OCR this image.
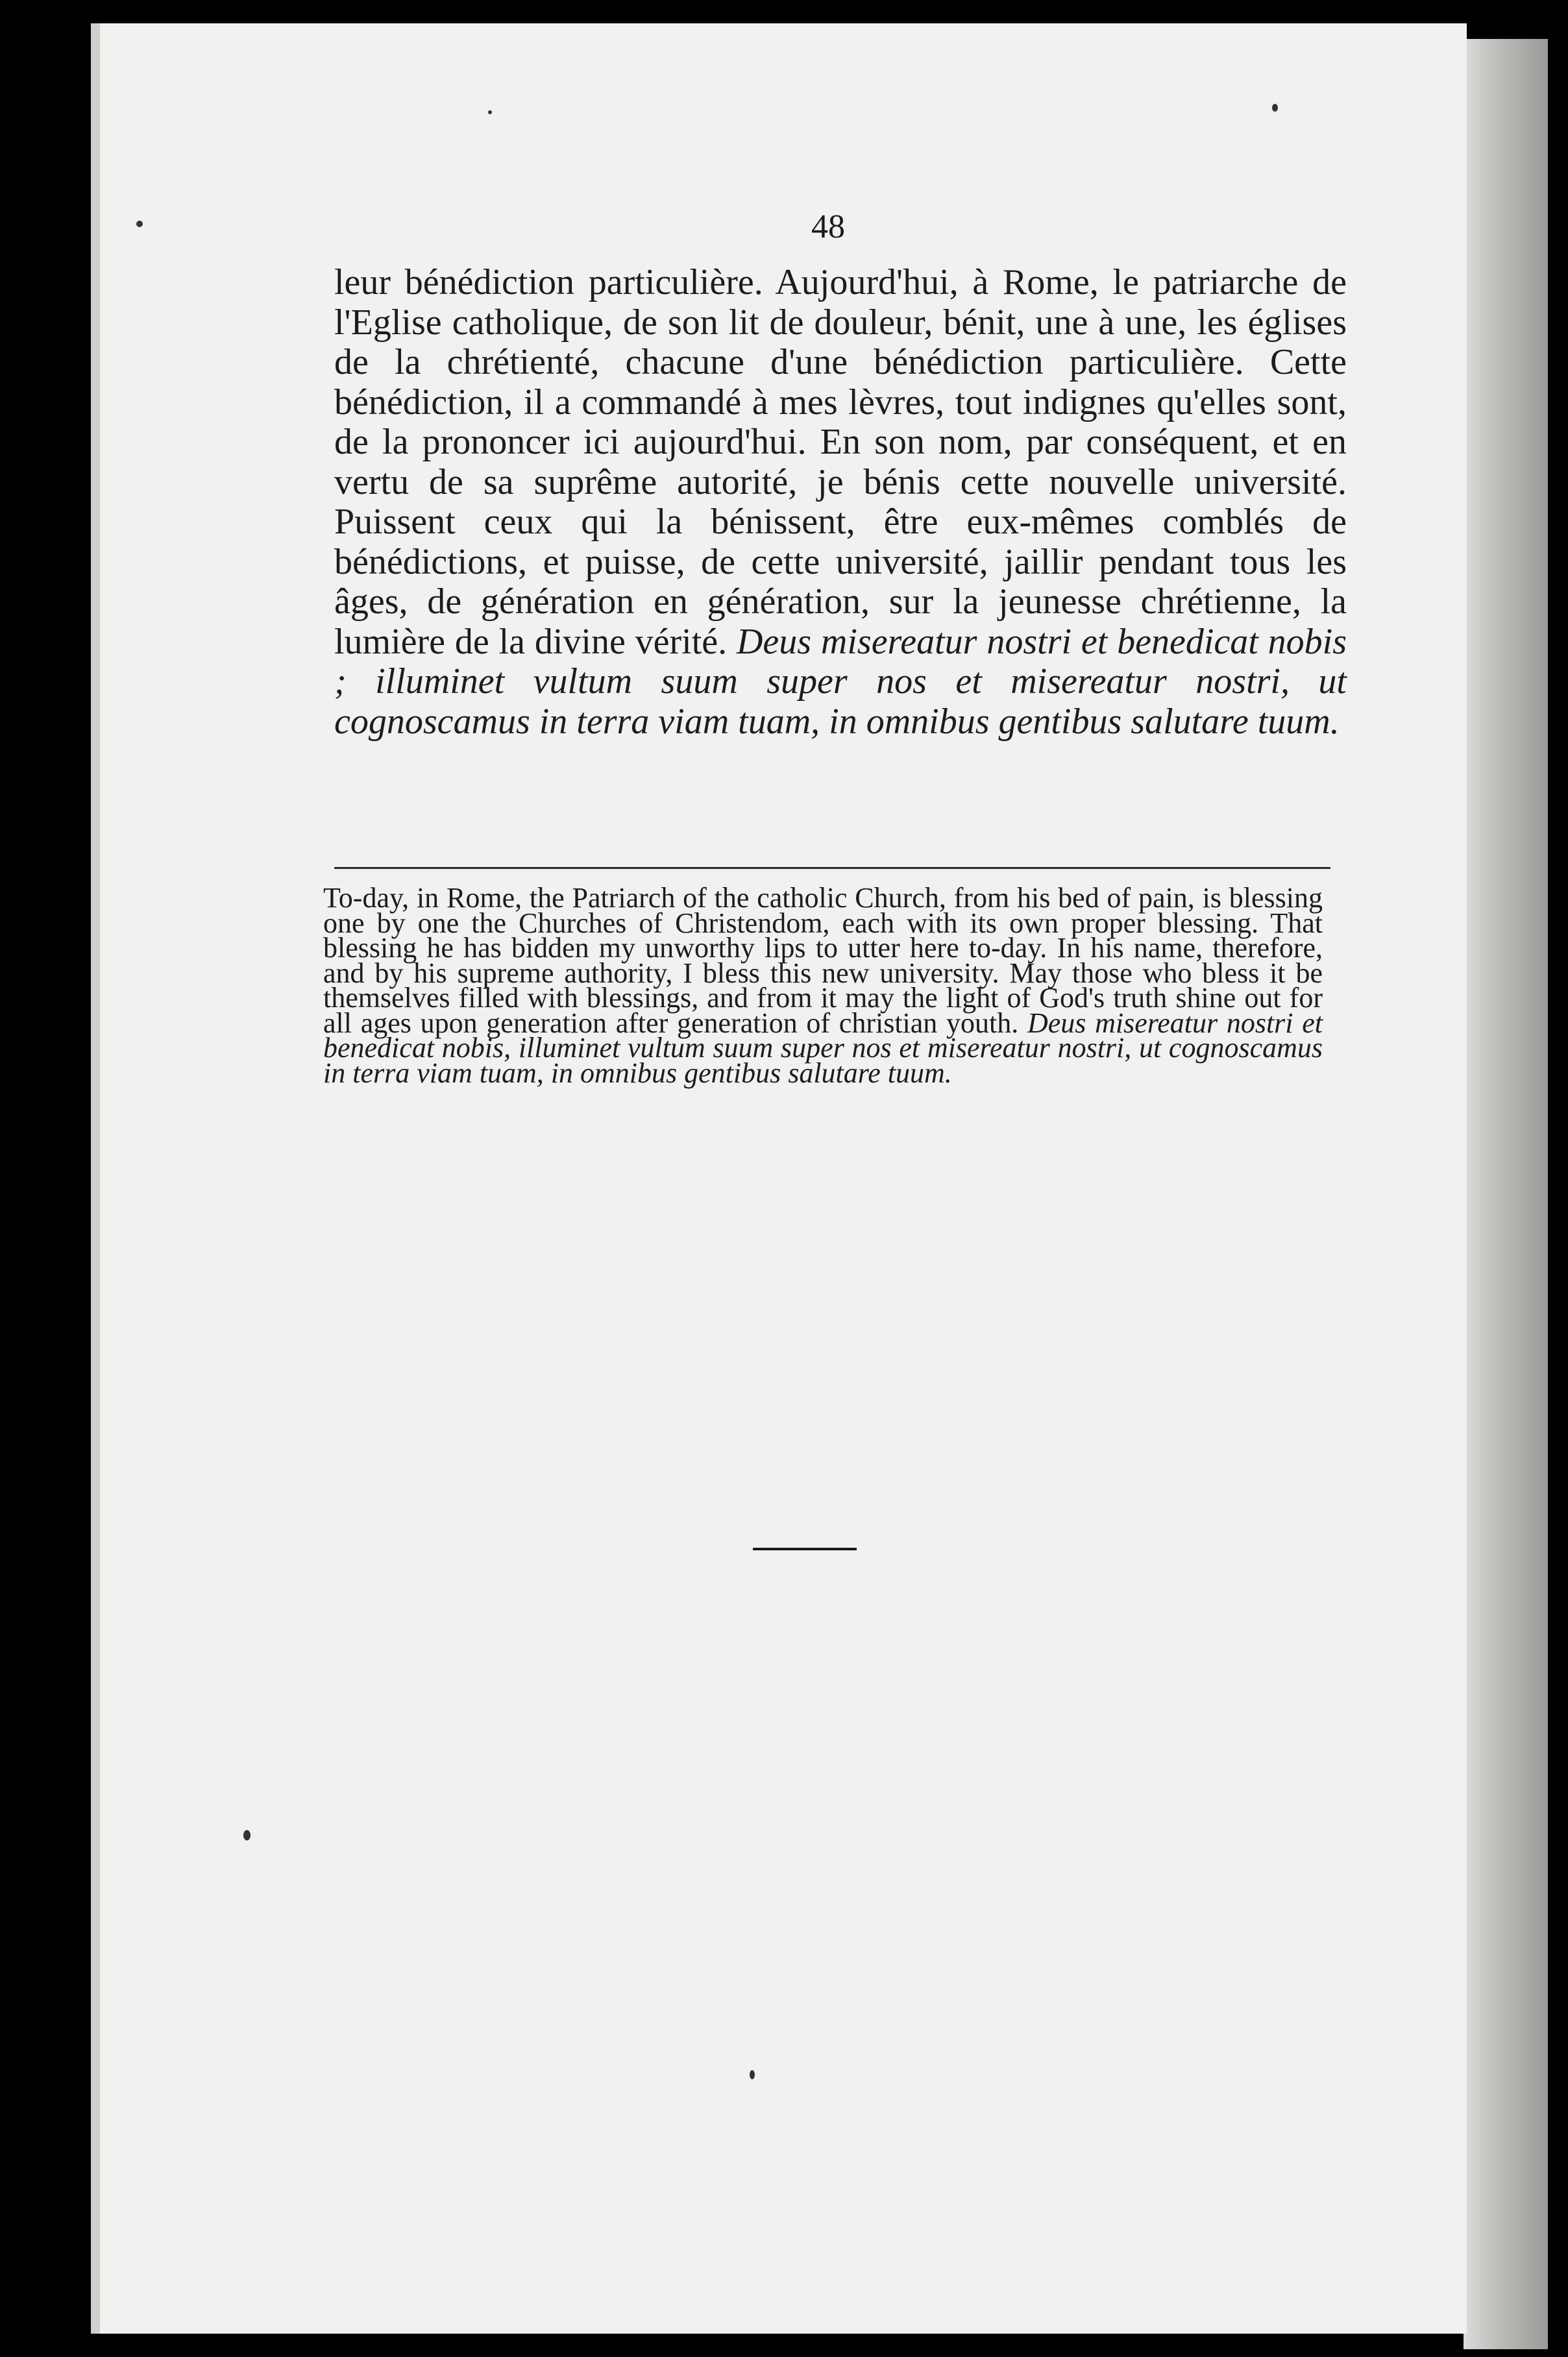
48
leur bénédiction particulière. Aujourd'hui, à Rome, le patriarche de l'Eglise catholique, de son lit de douleur, bénit, une à une, les églises de la chrétienté, chacune d'une bénédiction particulière. Cette bénédiction, il a commandé à mes lèvres, tout indignes qu'elles sont, de la prononcer ici aujourd'hui. En son nom, par conséquent, et en vertu de sa suprême autorité, je bénis cette nouvelle université. Puissent ceux qui la bénissent, être eux-mêmes comblés de bénédictions, et puisse, de cette université, jaillir pendant tous les âges, de génération en génération, sur la jeunesse chrétienne, la lumière de la divine vérité. Deus misereatur nostri et benedicat nobis ; illuminet vultum suum super nos et misereatur nostri, ut cognoscamus in terra viam tuam, in omnibus gentibus salutare tuum.
To-day, in Rome, the Patriarch of the catholic Church, from his bed of pain, is blessing one by one the Churches of Christendom, each with its own proper blessing. That blessing he has bidden my unworthy lips to utter here to-day. In his name, therefore, and by his supreme authority, I bless this new university. May those who bless it be themselves filled with blessings, and from it may the light of God's truth shine out for all ages upon generation after generation of christian youth. Deus misereatur nostri et benedicat nobis, illuminet vultum suum super nos et misereatur nostri, ut cognoscamus in terra viam tuam, in omnibus gentibus salutare tuum.
